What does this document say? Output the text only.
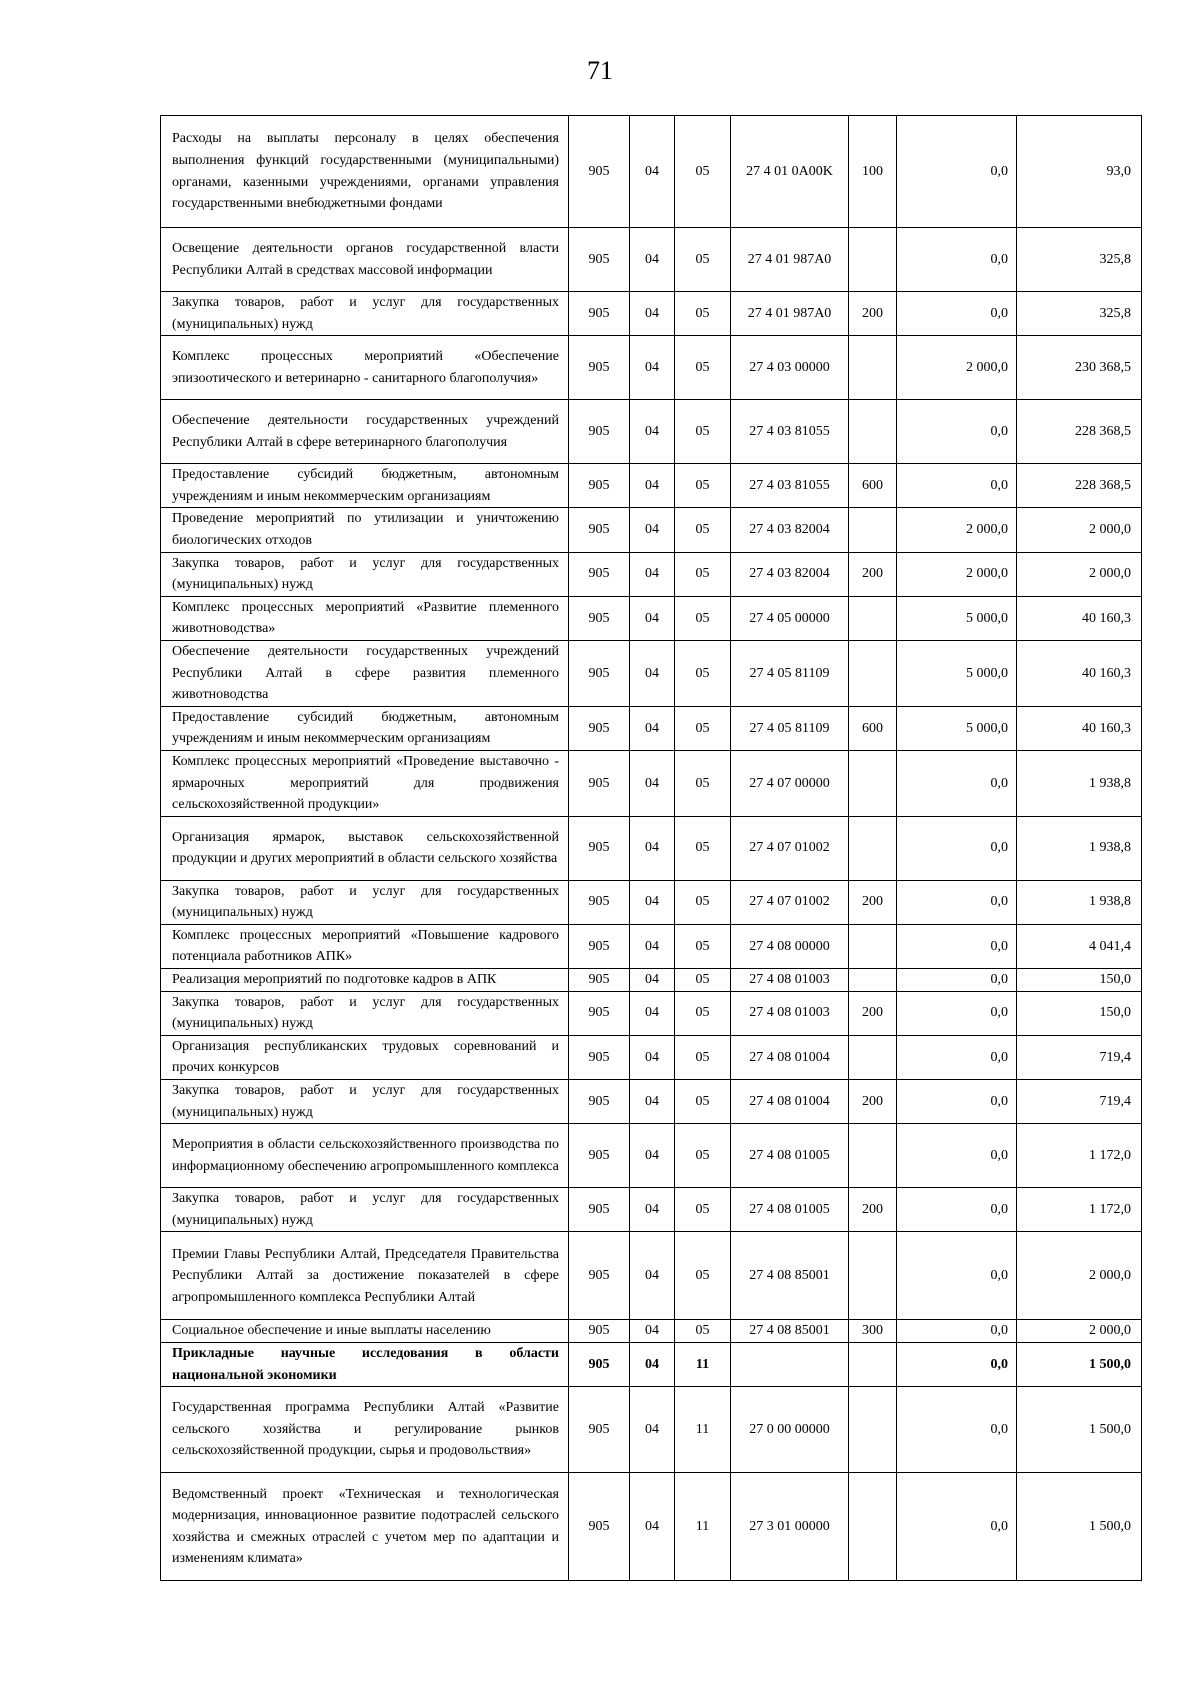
71
Расходы на выплаты персоналу в целях обеспечения выполнения функций государственными (муниципальными) органами, казенными учреждениями, органами управления государственными внебюджетными фондами	905	04	05	27 4 01 0A00K	100	0,0	93,0
Освещение деятельности органов государственной власти Республики Алтай в средствах массовой информации	905	04	05	27 4 01 987A0		0,0	325,8
Закупка товаров, работ и услуг для государственных (муниципальных) нужд	905	04	05	27 4 01 987A0	200	0,0	325,8
Комплекс процессных мероприятий «Обеспечение эпизоотического и ветеринарно - санитарного благополучия»	905	04	05	27 4 03 00000		2 000,0	230 368,5
Обеспечение деятельности государственных учреждений Республики Алтай в сфере ветеринарного благополучия	905	04	05	27 4 03 81055		0,0	228 368,5
Предоставление субсидий бюджетным, автономным учреждениям и иным некоммерческим организациям	905	04	05	27 4 03 81055	600	0,0	228 368,5
Проведение мероприятий по утилизации и уничтожению биологических отходов	905	04	05	27 4 03 82004		2 000,0	2 000,0
Закупка товаров, работ и услуг для государственных (муниципальных) нужд	905	04	05	27 4 03 82004	200	2 000,0	2 000,0
Комплекс процессных мероприятий «Развитие племенного животноводства»	905	04	05	27 4 05 00000		5 000,0	40 160,3
Обеспечение деятельности государственных учреждений Республики Алтай в сфере развития племенного животноводства	905	04	05	27 4 05 81109		5 000,0	40 160,3
Предоставление субсидий бюджетным, автономным учреждениям и иным некоммерческим организациям	905	04	05	27 4 05 81109	600	5 000,0	40 160,3
Комплекс процессных мероприятий «Проведение выставочно - ярмарочных мероприятий для продвижения сельскохозяйственной продукции»	905	04	05	27 4 07 00000		0,0	1 938,8
Организация ярмарок, выставок сельскохозяйственной продукции и других мероприятий в области сельского хозяйства	905	04	05	27 4 07 01002		0,0	1 938,8
Закупка товаров, работ и услуг для государственных (муниципальных) нужд	905	04	05	27 4 07 01002	200	0,0	1 938,8
Комплекс процессных мероприятий «Повышение кадрового потенциала работников АПК»	905	04	05	27 4 08 00000		0,0	4 041,4
Реализация мероприятий по подготовке кадров в АПК	905	04	05	27 4 08 01003		0,0	150,0
Закупка товаров, работ и услуг для государственных (муниципальных) нужд	905	04	05	27 4 08 01003	200	0,0	150,0
Организация республиканских трудовых соревнований и прочих конкурсов	905	04	05	27 4 08 01004		0,0	719,4
Закупка товаров, работ и услуг для государственных (муниципальных) нужд	905	04	05	27 4 08 01004	200	0,0	719,4
Мероприятия в области сельскохозяйственного производства по информационному обеспечению агропромышленного комплекса	905	04	05	27 4 08 01005		0,0	1 172,0
Закупка товаров, работ и услуг для государственных (муниципальных) нужд	905	04	05	27 4 08 01005	200	0,0	1 172,0
Премии Главы Республики Алтай, Председателя Правительства Республики Алтай за достижение показателей в сфере агропромышленного комплекса Республики Алтай	905	04	05	27 4 08 85001		0,0	2 000,0
Социальное обеспечение и иные выплаты населению	905	04	05	27 4 08 85001	300	0,0	2 000,0
Прикладные научные исследования в области национальной экономики	905	04	11			0,0	1 500,0
Государственная программа Республики Алтай «Развитие сельского хозяйства и регулирование рынков сельскохозяйственной продукции, сырья и продовольствия»	905	04	11	27 0 00 00000		0,0	1 500,0
Ведомственный проект «Техническая и технологическая модернизация, инновационное развитие подотраслей сельского хозяйства и смежных отраслей с учетом мер по адаптации и изменениям климата»	905	04	11	27 3 01 00000		0,0	1 500,0
